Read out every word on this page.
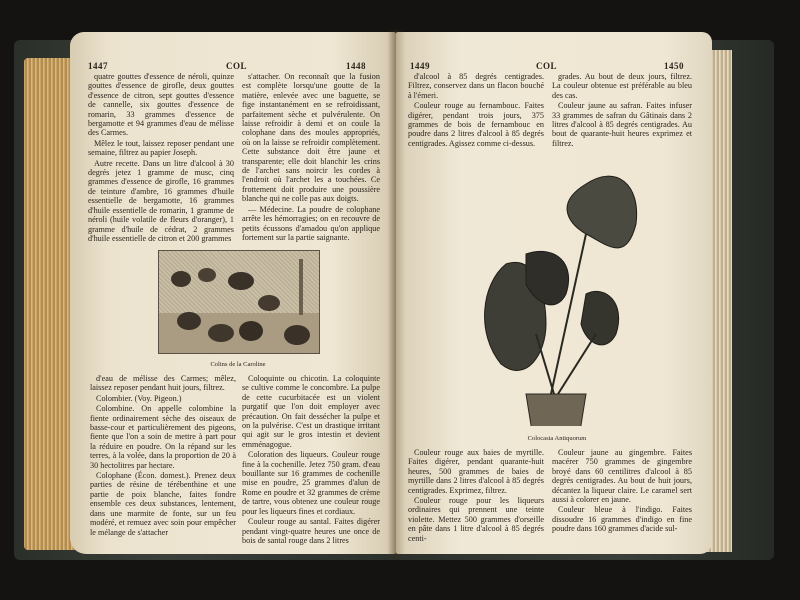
1447	COL	1448

quatre gouttes d'essence de néroli, quinze gouttes d'essence de girofle, deux gouttes d'essence de citron, sept gouttes d'essence de cannelle, six gouttes d'essence de romarin, 33 grammes d'essence de bergamotte et 94 grammes d'eau de mélisse des Carmes.

Mêlez le tout, laissez reposer pendant une semaine, filtrez au papier Joseph.

Autre recette. Dans un litre d'alcool à 30 degrés jetez 1 gramme de musc, cinq grammes d'essence de girofle, 16 grammes de teinture d'ambre, 16 grammes d'huile essentielle de bergamotte, 16 grammes d'huile essentielle de romarin, 1 gramme de néroli (huile volatile de fleurs d'oranger), 1 gramme d'huile de cédrat, 2 grammes d'huile essentielle de citron et 200 grammes

s'attacher. On reconnaît que la fusion est complète lorsqu'une goutte de la matière, enlevée avec une baguette, se fige instantanément en se refroidissant, parfaitement sèche et pulvérulente. On laisse refroidir à demi et on coule la colophane dans des moules appropriés, où on la laisse se refroidir complètement. Cette substance doit être jaune et transparente; elle doit blanchir les crins de l'archet sans noircir les cordes à l'endroit où l'archet les a touchées. Ce frottement doit produire une poussière blanche qui ne colle pas aux doigts.

— Médecine. La poudre de colophane arrête les hémorragies; on en recouvre de petits écussons d'amadou qu'on applique fortement sur la partie saignante.

Colins de la Caroline

d'eau de mélisse des Carmes; mêlez, laissez reposer pendant huit jours, filtrez.

Colombier. (Voy. Pigeon.)

Colombine. On appelle colombine la fiente ordinairement sèche des oiseaux de basse-cour et particulièrement des pigeons, fiente que l'on a soin de mettre à part pour la réduire en poudre. On la répand sur les terres, à la volée, dans la proportion de 20 à 30 hectolitres par hectare.

Colophane (Écon. domest.). Prenez deux parties de résine de térébenthine et une partie de poix blanche, faites fondre ensemble ces deux substances, lentement, dans une marmite de fonte, sur un feu modéré, et remuez avec soin pour empêcher le mélange de s'attacher

Coloquinte ou chicotin. La coloquinte se cultive comme le concombre. La pulpe de cette cucurbitacée est un violent purgatif que l'on doit employer avec précaution. On fait dessécher la pulpe et on la pulvérise. C'est un drastique irritant qui agit sur le gros intestin et devient emménagogue.

Coloration des liqueurs. Couleur rouge fine à la cochenille. Jetez 750 gram. d'eau bouillante sur 16 grammes de cochenille mise en poudre, 25 grammes d'alun de Rome en poudre et 32 grammes de crème de tartre, vous obtenez une couleur rouge pour les liqueurs fines et cordiaux.

Couleur rouge au santal. Faites digérer pendant vingt-quatre heures une once de bois de santal rouge dans 2 litres

1449	COL	1450

d'alcool à 85 degrés centigrades. Filtrez, conservez dans un flacon bouché à l'émeri.

Couleur rouge au fernambouc. Faites digérer, pendant trois jours, 375 grammes de bois de fernambouc en poudre dans 2 litres d'alcool à 85 degrés centigrades. Agissez comme ci-dessus.

grades. Au bout de deux jours, filtrez. La couleur obtenue est préférable au bleu des cas.

Couleur jaune au safran. Faites infuser 33 grammes de safran du Gâtinais dans 2 litres d'alcool à 85 degrés centigrades. Au bout de quarante-huit heures exprimez et filtrez.

Colocasia Antiquorum

Couleur rouge aux baies de myrtille. Faites digérer, pendant quarante-huit heures, 500 grammes de baies de myrtille dans 2 litres d'alcool à 85 degrés centigrades. Exprimez, filtrez.

Couleur rouge pour les liqueurs ordinaires qui prennent une teinte violette. Mettez 500 grammes d'orseille en pâte dans 1 litre d'alcool à 85 degrés centi-

Couleur jaune au gingembre. Faites macérer 750 grammes de gingembre broyé dans 60 centilitres d'alcool à 85 degrés centigrades. Au bout de huit jours, décantez la liqueur claire. Le caramel sert aussi à colorer en jaune.

Couleur bleue à l'indigo. Faites dissoudre 16 grammes d'indigo en fine poudre dans 160 grammes d'acide sul-
